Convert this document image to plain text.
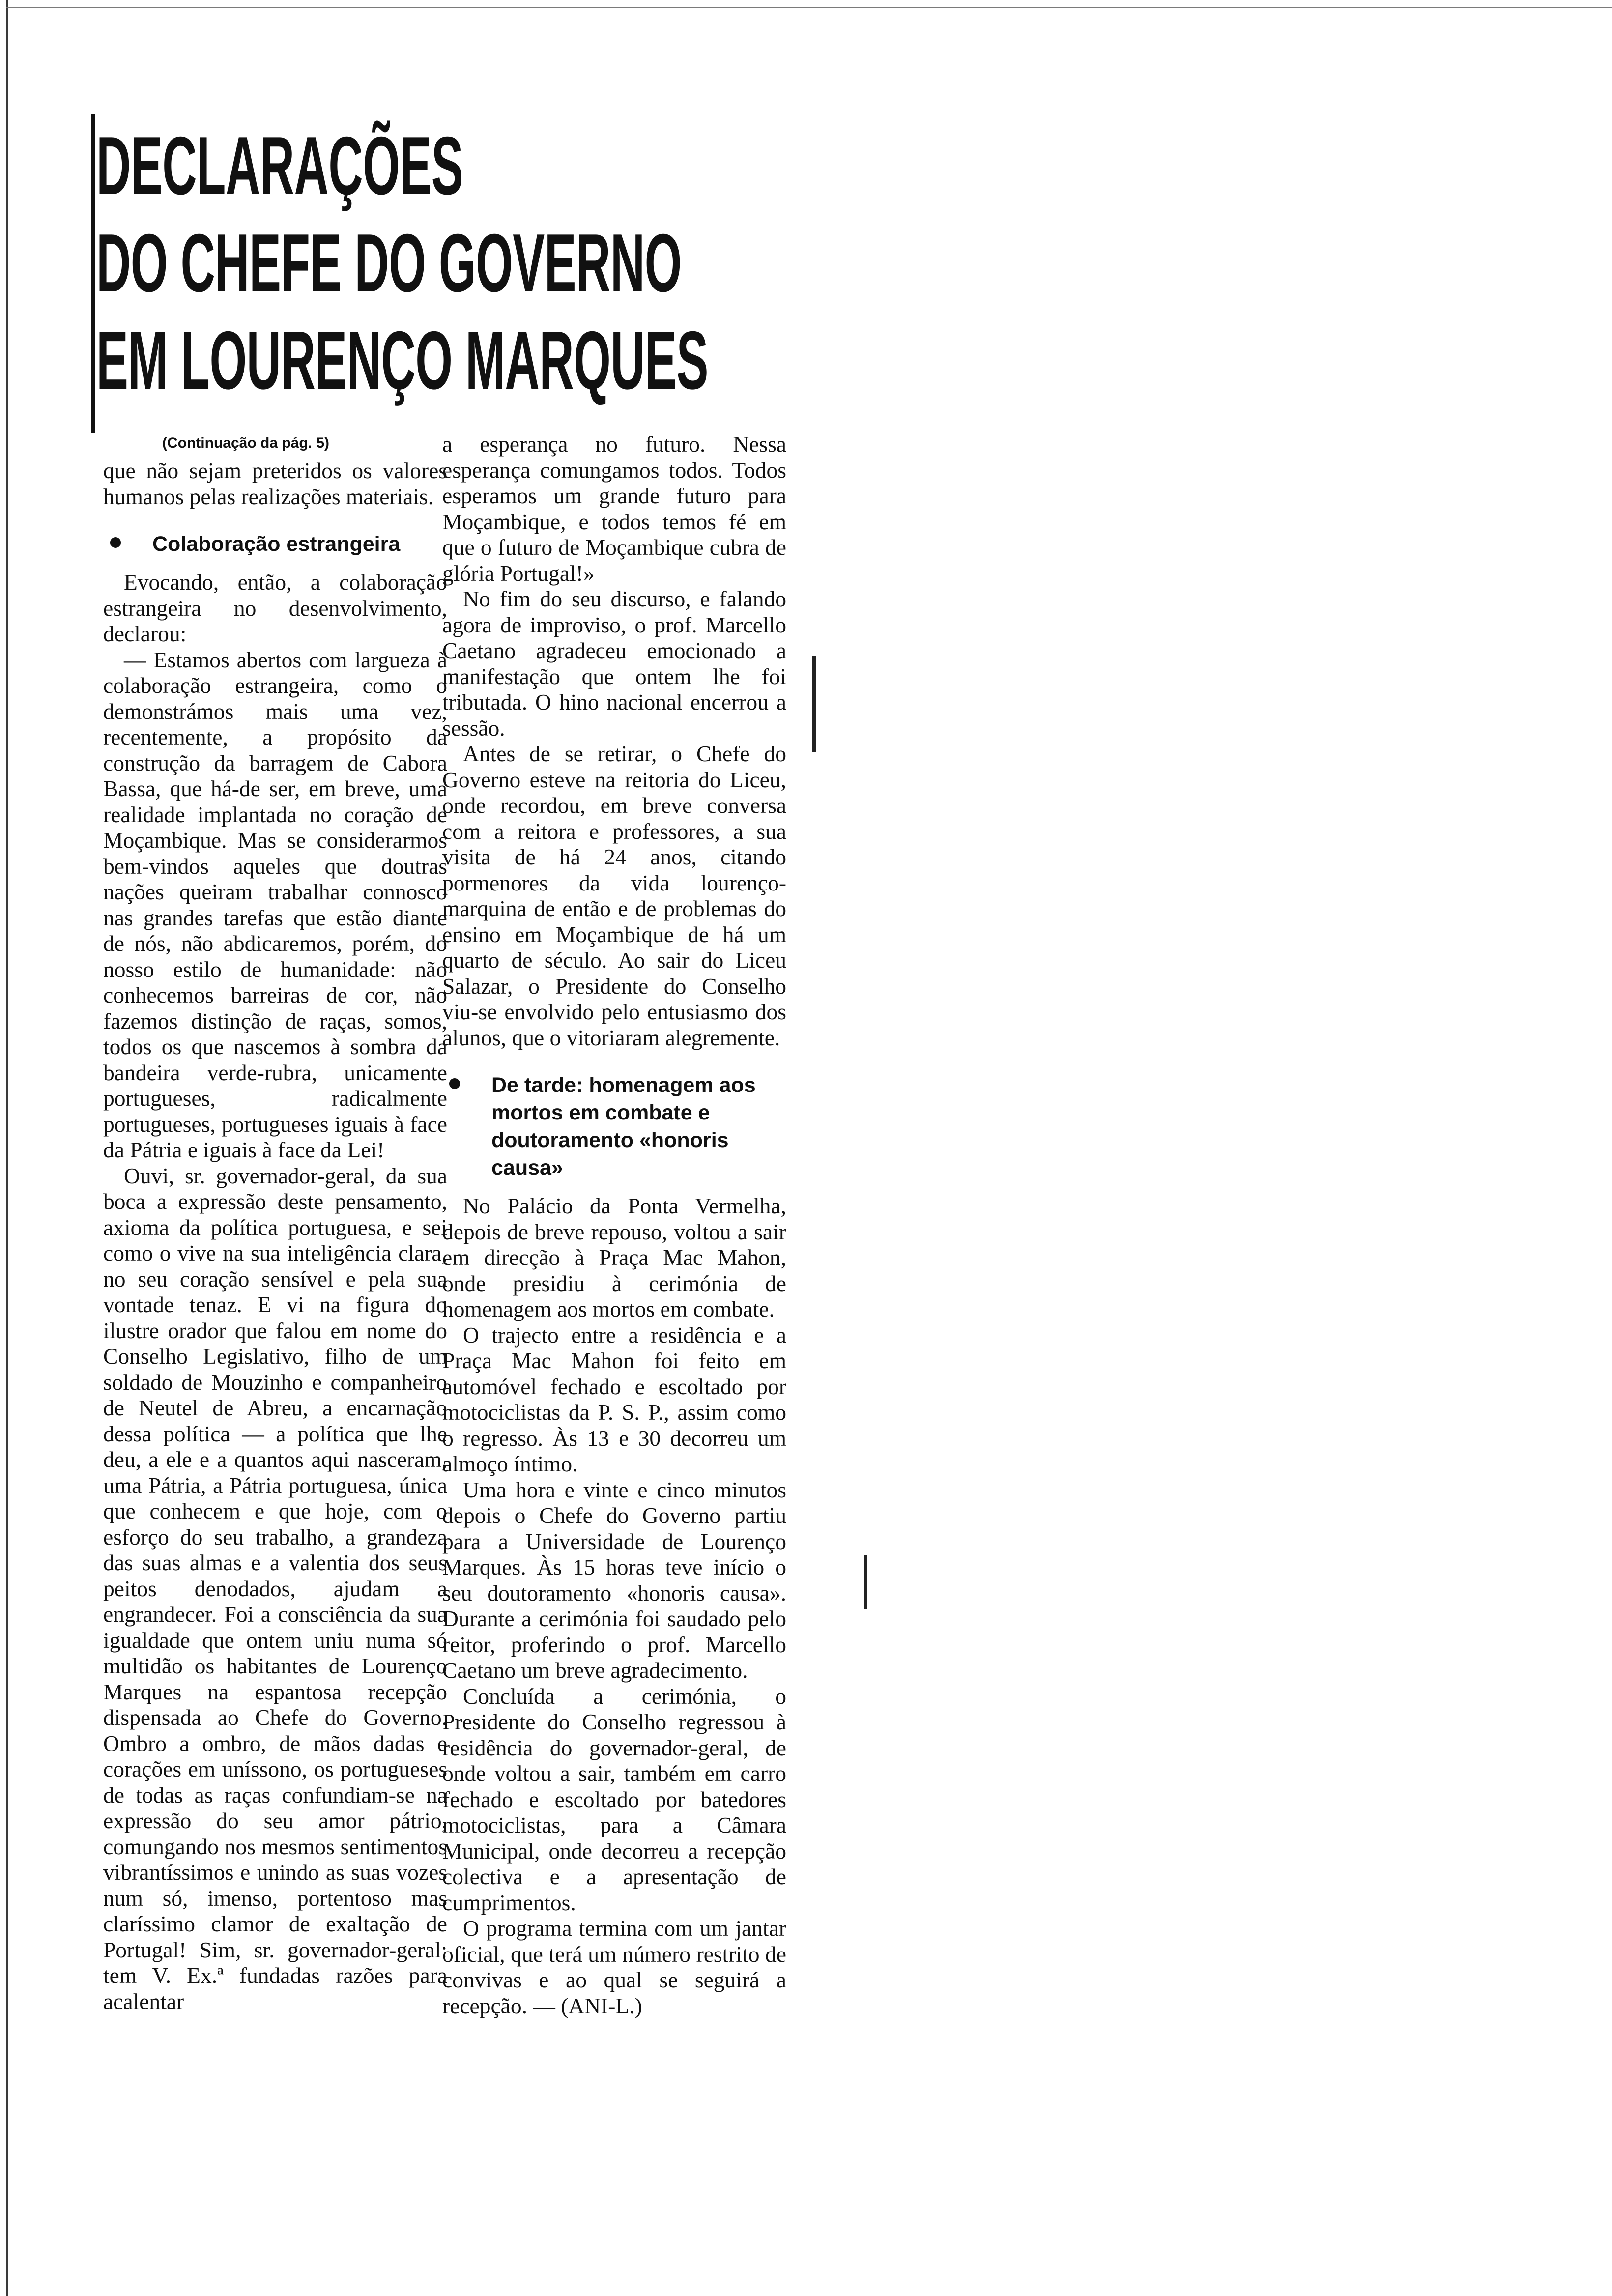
DECLARAÇÕES
DO CHEFE DO GOVERNO
EM LOURENÇO MARQUES
(Continuação da pág. 5)

que não sejam preteridos os valores humanos pelas realizações materiais.

Colaboração estrangeira

Evocando, então, a colaboração estrangeira no desenvolvimento, declarou:

— Estamos abertos com largueza à colaboração estrangeira, como o demonstrámos mais uma vez, recentemente, a propósito da construção da barragem de Cabora Bassa, que há-de ser, em breve, uma realidade implantada no coração de Moçambique. Mas se considerarmos bem-vindos aqueles que doutras nações queiram trabalhar connosco nas grandes tarefas que estão diante de nós, não abdicaremos, porém, do nosso estilo de humanidade: não conhecemos barreiras de cor, não fazemos distinção de raças, somos, todos os que nascemos à sombra da bandeira verde-rubra, unicamente portugueses, radicalmente portugueses, portugueses iguais à face da Pátria e iguais à face da Lei!

Ouvi, sr. governador-geral, da sua boca a expressão deste pensamento, axioma da política portuguesa, e sei como o vive na sua inteligência clara, no seu coração sensível e pela sua vontade tenaz. E vi na figura do ilustre orador que falou em nome do Conselho Legislativo, filho de um soldado de Mouzinho e companheiro de Neutel de Abreu, a encarnação dessa política — a política que lhe deu, a ele e a quantos aqui nasceram, uma Pátria, a Pátria portuguesa, única que conhecem e que hoje, com o esforço do seu trabalho, a grandeza das suas almas e a valentia dos seus peitos denodados, ajudam a engrandecer. Foi a consciência da sua igualdade que ontem uniu numa só multidão os habitantes de Lourenço Marques na espantosa recepção dispensada ao Chefe do Governo. Ombro a ombro, de mãos dadas e corações em uníssono, os portugueses de todas as raças confundiam-se na expressão do seu amor pátrio, comungando nos mesmos sentimentos vibrantíssimos e unindo as suas vozes num só, imenso, portentoso mas claríssimo clamor de exaltação de Portugal! Sim, sr. governador-geral: tem V. Ex.ª fundadas razões para acalentar

a esperança no futuro. Nessa esperança comungamos todos. Todos esperamos um grande futuro para Moçambique, e todos temos fé em que o futuro de Moçambique cubra de glória Portugal!»

No fim do seu discurso, e falando agora de improviso, o prof. Marcello Caetano agradeceu emocionado a manifestação que ontem lhe foi tributada. O hino nacional encerrou a sessão.

Antes de se retirar, o Chefe do Governo esteve na reitoria do Liceu, onde recordou, em breve conversa com a reitora e professores, a sua visita de há 24 anos, citando pormenores da vida lourenço-marquina de então e de problemas do ensino em Moçambique de há um quarto de século. Ao sair do Liceu Salazar, o Presidente do Conselho viu-se envolvido pelo entusiasmo dos alunos, que o vitoriaram alegremente.

De tarde: homenagem aos mortos em combate e doutoramento «honoris causa»

No Palácio da Ponta Vermelha, depois de breve repouso, voltou a sair em direcção à Praça Mac Mahon, onde presidiu à cerimónia de homenagem aos mortos em combate.

O trajecto entre a residência e a Praça Mac Mahon foi feito em automóvel fechado e escoltado por motociclistas da P. S. P., assim como o regresso. Às 13 e 30 decorreu um almoço íntimo.

Uma hora e vinte e cinco minutos depois o Chefe do Governo partiu para a Universidade de Lourenço Marques. Às 15 horas teve início o seu doutoramento «honoris causa». Durante a cerimónia foi saudado pelo reitor, proferindo o prof. Marcello Caetano um breve agradecimento.

Concluída a cerimónia, o Presidente do Conselho regressou à residência do governador-geral, de onde voltou a sair, também em carro fechado e escoltado por batedores motociclistas, para a Câmara Municipal, onde decorreu a recepção colectiva e a apresentação de cumprimentos.

O programa termina com um jantar oficial, que terá um número restrito de convivas e ao qual se seguirá a recepção. — (ANI-L.)
